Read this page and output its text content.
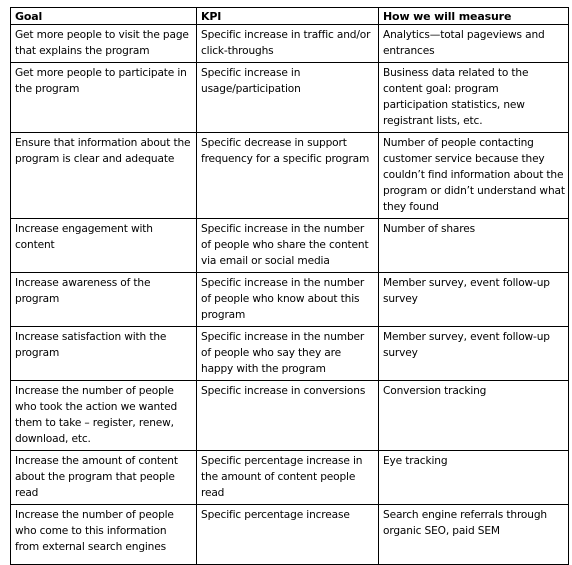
Goal	KPI	How we will measure
Get more people to visit the page that explains the program	Specific increase in traffic and/or click-throughs	Analytics—total pageviews and entrances
Get more people to participate in the program	Specific increase in usage/participation	Business data related to the content goal: program participation statistics, new registrant lists, etc.
Ensure that information about the program is clear and adequate	Specific decrease in support frequency for a specific program	Number of people contacting customer service because they couldn’t find information about the program or didn’t understand what they found
Increase engagement with content	Specific increase in the number of people who share the content via email or social media	Number of shares
Increase awareness of the program	Specific increase in the number of people who know about this program	Member survey, event follow-up survey
Increase satisfaction with the program	Specific increase in the number of people who say they are happy with the program	Member survey, event follow-up survey
Increase the number of people who took the action we wanted them to take – register, renew, download, etc.	Specific increase in conversions	Conversion tracking
Increase the amount of content about the program that people read	Specific percentage increase in the amount of content people read	Eye tracking
Increase the number of people who come to this information from external search engines	Specific percentage increase	Search engine referrals through organic SEO, paid SEM
